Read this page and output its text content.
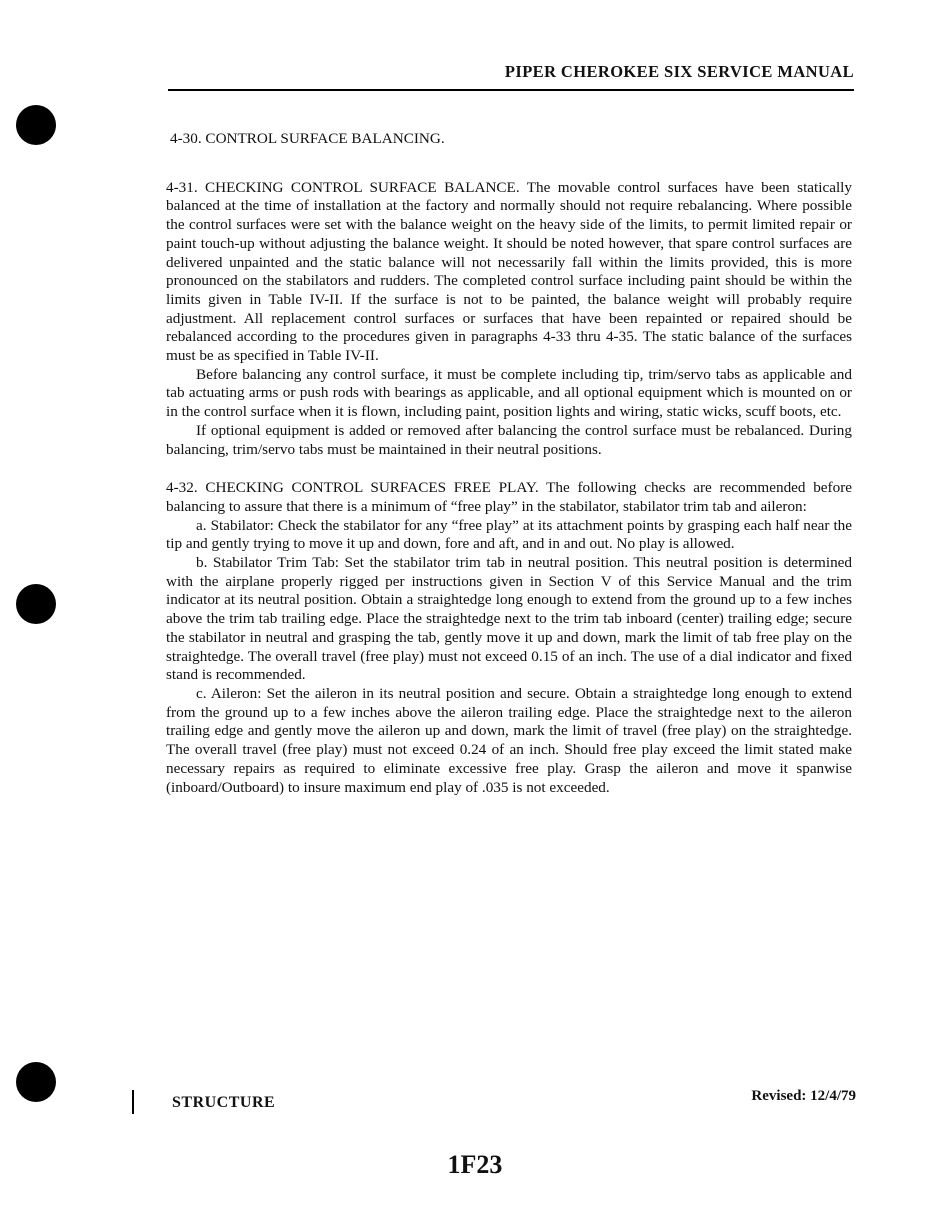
PIPER CHEROKEE SIX SERVICE MANUAL

4-30. CONTROL SURFACE BALANCING.

4-31. CHECKING CONTROL SURFACE BALANCE. The movable control surfaces have been statically balanced at the time of installation at the factory and normally should not require rebalancing. Where possible the control surfaces were set with the balance weight on the heavy side of the limits, to permit limited repair or paint touch-up without adjusting the balance weight. It should be noted however, that spare control surfaces are delivered unpainted and the static balance will not necessarily fall within the limits provided, this is more pronounced on the stabilators and rudders. The completed control surface including paint should be within the limits given in Table IV-II. If the surface is not to be painted, the balance weight will probably require adjustment. All replacement control surfaces or surfaces that have been repainted or repaired should be rebalanced according to the procedures given in paragraphs 4-33 thru 4-35. The static balance of the surfaces must be as specified in Table IV-II.

Before balancing any control surface, it must be complete including tip, trim/servo tabs as applicable and tab actuating arms or push rods with bearings as applicable, and all optional equipment which is mounted on or in the control surface when it is flown, including paint, position lights and wiring, static wicks, scuff boots, etc.

If optional equipment is added or removed after balancing the control surface must be rebalanced. During balancing, trim/servo tabs must be maintained in their neutral positions.

4-32. CHECKING CONTROL SURFACES FREE PLAY. The following checks are recommended before balancing to assure that there is a minimum of “free play” in the stabilator, stabilator trim tab and aileron:

a. Stabilator: Check the stabilator for any “free play” at its attachment points by grasping each half near the tip and gently trying to move it up and down, fore and aft, and in and out. No play is allowed.

b. Stabilator Trim Tab: Set the stabilator trim tab in neutral position. This neutral position is determined with the airplane properly rigged per instructions given in Section V of this Service Manual and the trim indicator at its neutral position. Obtain a straightedge long enough to extend from the ground up to a few inches above the trim tab trailing edge. Place the straightedge next to the trim tab inboard (center) trailing edge; secure the stabilator in neutral and grasping the tab, gently move it up and down, mark the limit of tab free play on the straightedge. The overall travel (free play) must not exceed 0.15 of an inch. The use of a dial indicator and fixed stand is recommended.

c. Aileron: Set the aileron in its neutral position and secure. Obtain a straightedge long enough to extend from the ground up to a few inches above the aileron trailing edge. Place the straightedge next to the aileron trailing edge and gently move the aileron up and down, mark the limit of travel (free play) on the straightedge. The overall travel (free play) must not exceed 0.24 of an inch. Should free play exceed the limit stated make necessary repairs as required to eliminate excessive free play. Grasp the aileron and move it spanwise (inboard/Outboard) to insure maximum end play of .035 is not exceeded.

STRUCTURE	Revised: 12/4/79
1F23
